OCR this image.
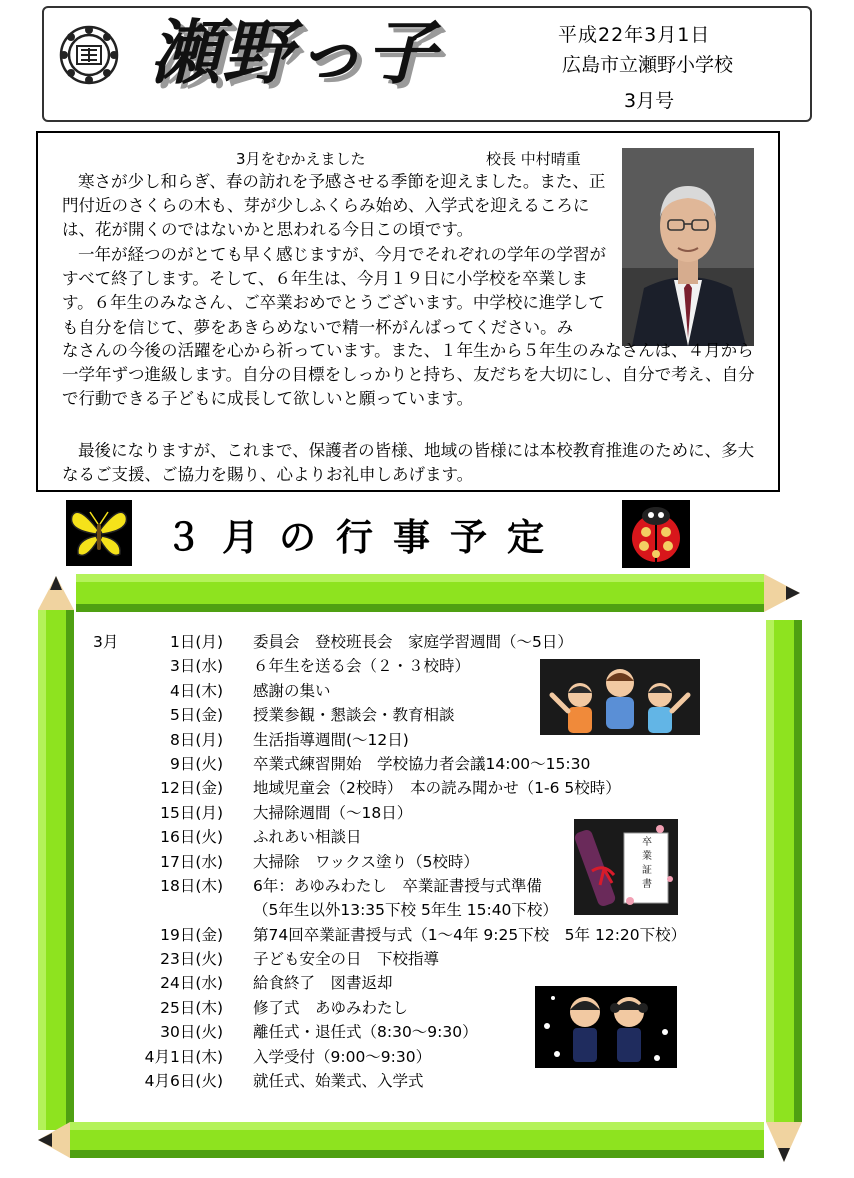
瀬野っ子	平成22年3月1日
広島市立瀬野小学校
3月号
3月をむかえました	校長 中村晴重

寒さが少し和らぎ、春の訪れを予感させる季節を迎えました。また、正門付近のさくらの木も、芽が少しふくらみ始め、入学式を迎えるころには、花が開くのではないかと思われる今日この頃です。

一年が経つのがとても早く感じますが、今月でそれぞれの学年の学習がすべて終了します。そして、６年生は、今月１９日に小学校を卒業します。６年生のみなさん、ご卒業おめでとうございます。中学校に進学しても自分を信じて、夢をあきらめないで精一杯がんばってください。み

なさんの今後の活躍を心から祈っています。また、１年生から５年生のみなさんは、４月から一学年ずつ進級します。自分の目標をしっかりと持ち、友だちを大切にし、自分で考え、自分で行動できる子どもに成長して欲しいと願っています。

最後になりますが、これまで、保護者の皆様、地域の皆様には本校教育推進のために、多大なるご支援、ご協力を賜り、心よりお礼申しあげます。

３月の行事予定
3月	1日(月) 委員会　登校班長会　家庭学習週間（～5日）
3日(水) ６年生を送る会（２・３校時）
4日(木) 感謝の集い
5日(金) 授業参観・懇談会・教育相談
8日(月) 生活指導週間(～12日)
9日(火) 卒業式練習開始　学校協力者会議14:00～15:30
12日(金) 地域児童会（2校時）　本の読み聞かせ（1-6 5校時）
15日(月) 大掃除週間（～18日）
16日(火) ふれあい相談日
17日(水) 大掃除　ワックス塗り（5校時）
18日(木) 6年：あゆみわたし　卒業証書授与式準備
（5年生以外13:35下校 5年生 15:40下校）
19日(金) 第74回卒業証書授与式（1～4年 9:25下校　5年 12:20下校）
23日(火) 子ども安全の日　下校指導
24日(水) 給食終了　図書返却
25日(木) 修了式　あゆみわたし
30日(火) 離任式・退任式（8:30～9:30）
4月1日(木) 入学受付（9:00～9:30）
4月6日(火) 就任式、始業式、入学式
卒
業
証
書
